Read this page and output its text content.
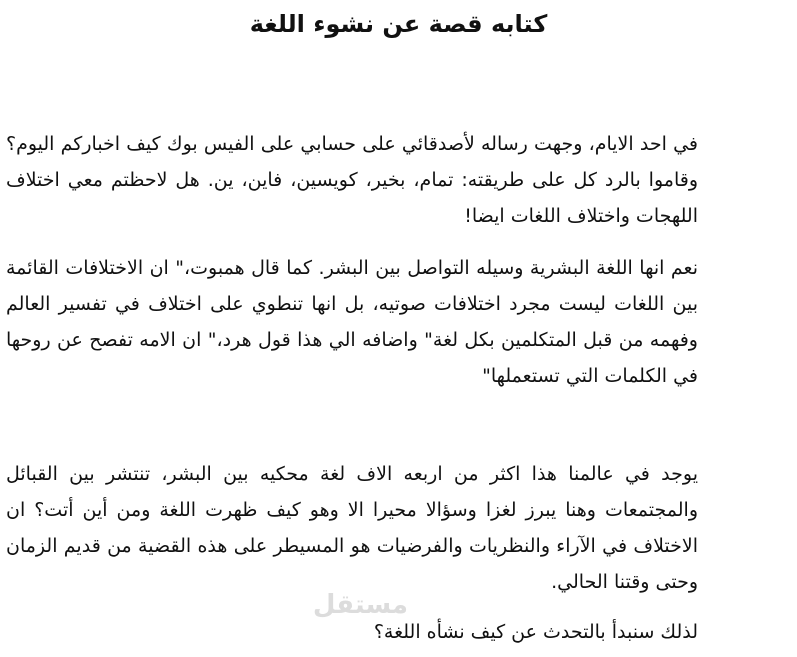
كتابه قصة عن نشوء اللغة

في احد الايام، وجهت رساله لأصدقائي على حسابي على الفيس بوك كيف اخباركم اليوم؟ وقاموا بالرد كل على طريقته: تمام، بخير، كويسين، فاين، ين. هل لاحظتم معي اختلاف اللهجات واختلاف اللغات ايضا!

نعم انها اللغة البشرية وسيله التواصل بين البشر. كما قال همبوت،" ان الاختلافات القائمة بين اللغات ليست مجرد اختلافات صوتيه، بل انها تنطوي على اختلاف في تفسير العالم وفهمه من قبل المتكلمين بكل لغة" واضافه الي هذا قول هرد،" ان الامه تفصح عن روحها في الكلمات التي تستعملها"

يوجد في عالمنا هذا اكثر من اربعه الاف لغة محكيه بين البشر، تنتشر بين القبائل والمجتمعات وهنا يبرز لغزا وسؤالا محيرا الا وهو كيف ظهرت اللغة ومن أين أتت؟ ان الاختلاف في الآراء والنظريات والفرضيات هو المسيطر على هذه القضية من قديم الزمان وحتى وقتنا الحالي.

لذلك سنبدأ بالتحدث عن كيف نشأه اللغة؟

مستقل
